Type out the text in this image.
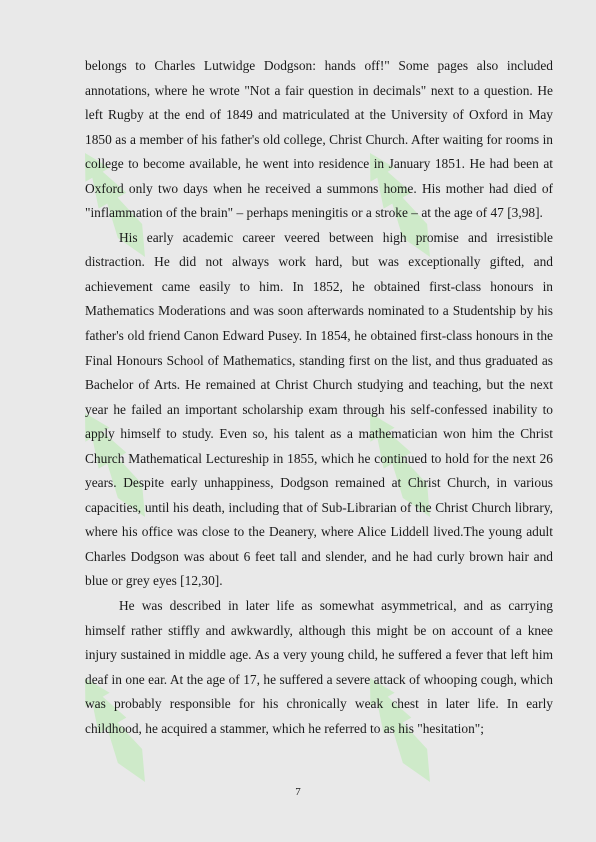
belongs to Charles Lutwidge Dodgson: hands off!" Some pages also included annotations, where he wrote "Not a fair question in decimals" next to a question. He left Rugby at the end of 1849 and matriculated at the University of Oxford in May 1850 as a member of his father's old college, Christ Church. After waiting for rooms in college to become available, he went into residence in January 1851. He had been at Oxford only two days when he received a summons home. His mother had died of "inflammation of the brain" – perhaps meningitis or a stroke – at the age of 47 [3,98].

His early academic career veered between high promise and irresistible distraction. He did not always work hard, but was exceptionally gifted, and achievement came easily to him. In 1852, he obtained first-class honours in Mathematics Moderations and was soon afterwards nominated to a Studentship by his father's old friend Canon Edward Pusey. In 1854, he obtained first-class honours in the Final Honours School of Mathematics, standing first on the list, and thus graduated as Bachelor of Arts. He remained at Christ Church studying and teaching, but the next year he failed an important scholarship exam through his self-confessed inability to apply himself to study. Even so, his talent as a mathematician won him the Christ Church Mathematical Lectureship in 1855, which he continued to hold for the next 26 years. Despite early unhappiness, Dodgson remained at Christ Church, in various capacities, until his death, including that of Sub-Librarian of the Christ Church library, where his office was close to the Deanery, where Alice Liddell lived.The young adult Charles Dodgson was about 6 feet tall and slender, and he had curly brown hair and blue or grey eyes [12,30].

He was described in later life as somewhat asymmetrical, and as carrying himself rather stiffly and awkwardly, although this might be on account of a knee injury sustained in middle age. As a very young child, he suffered a fever that left him deaf in one ear. At the age of 17, he suffered a severe attack of whooping cough, which was probably responsible for his chronically weak chest in later life. In early childhood, he acquired a stammer, which he referred to as his "hesitation";

7
